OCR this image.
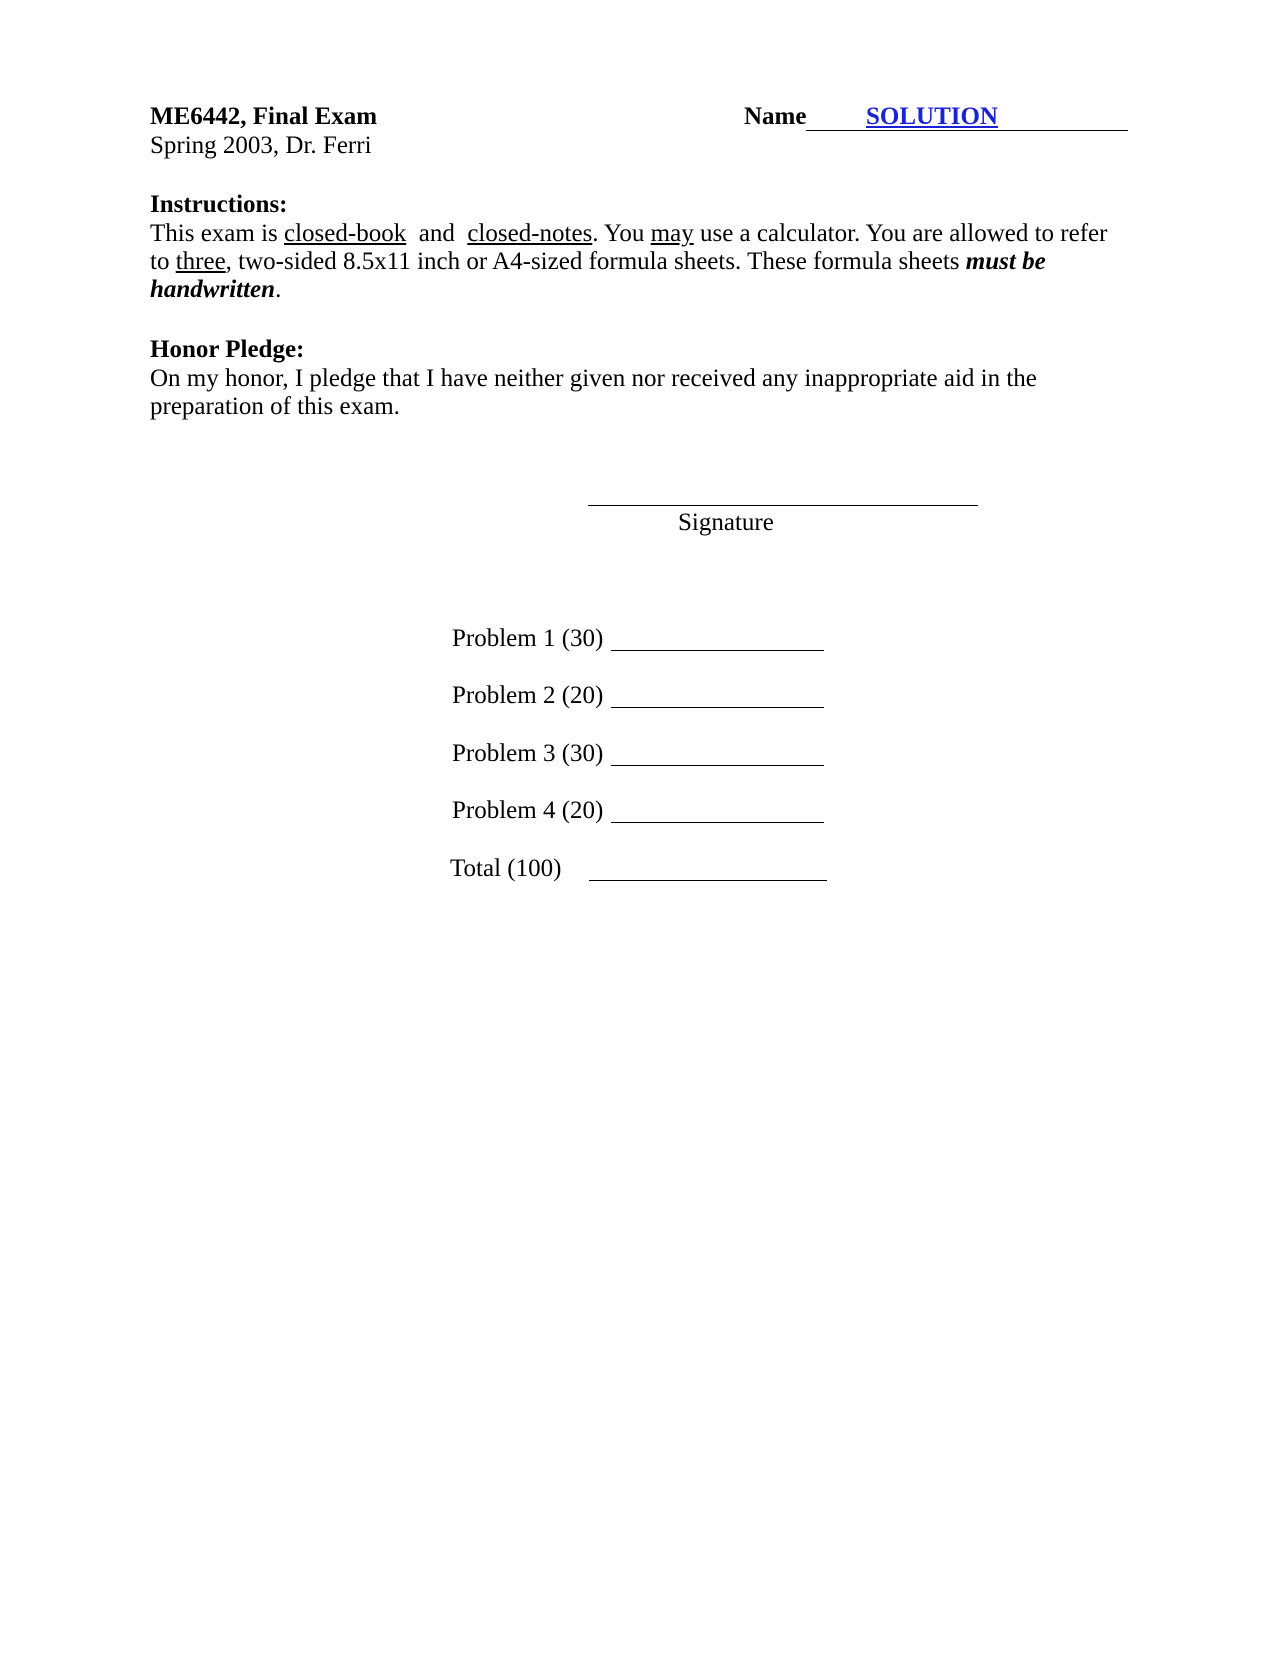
ME6442, Final Exam
Spring 2003, Dr. Ferri
Name SOLUTION
Instructions:
This exam is closed-book  and  closed-notes. You may use a calculator. You are allowed to refer to three, two-sided 8.5x11 inch or A4-sized formula sheets. These formula sheets must be handwritten.
Honor Pledge:
On my honor, I pledge that I have neither given nor received any inappropriate aid in the preparation of this exam.
Signature
Problem 1 (30)
Problem 2 (20)
Problem 3 (30)
Problem 4 (20)
Total (100)
